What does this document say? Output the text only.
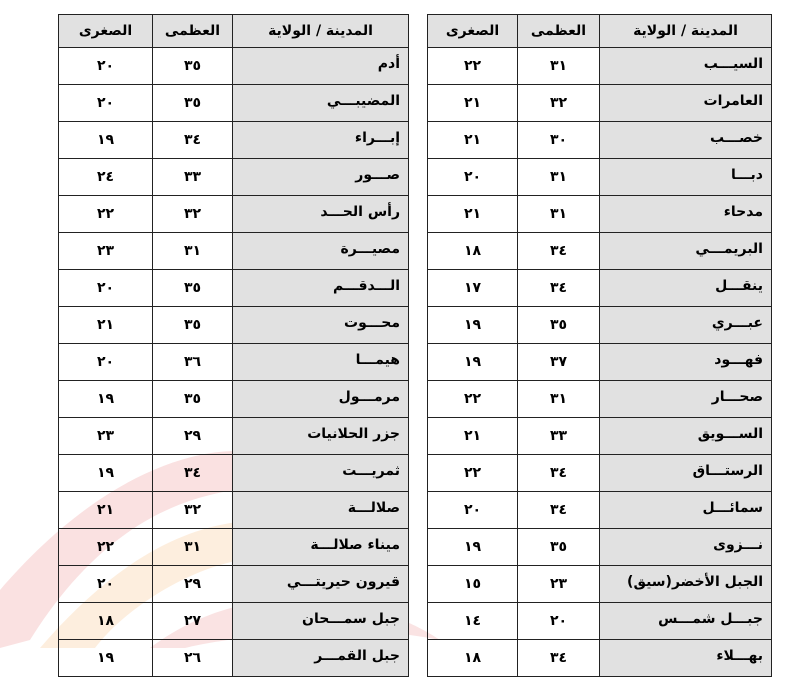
المدينة / الولاية	العظمى	الصغرى
أدم	٣٥	٢٠
المضيبـــي	٣٥	٢٠
إبـــراء	٣٤	١٩
صـــور	٣٣	٢٤
رأس الحـــد	٣٢	٢٢
مصيـــرة	٣١	٢٣
الـــدقـــم	٣٥	٢٠
محـــوت	٣٥	٢١
هيمـــا	٣٦	٢٠
مرمـــول	٣٥	١٩
جزر الحلانيات	٢٩	٢٣
ثمريـــت	٣٤	١٩
صلالـــة	٣٢	٢١
ميناء صلالـــة	٣١	٢٢
قيرون حيريتـــي	٢٩	٢٠
جبل سمـــحان	٢٧	١٨
جبل القمـــر	٢٦	١٩
المدينة / الولاية	العظمى	الصغرى
السيـــب	٣١	٢٢
العامرات	٣٢	٢١
خصـــب	٣٠	٢١
دبـــا	٣١	٢٠
مدحاء	٣١	٢١
البريمـــي	٣٤	١٨
ينقـــل	٣٤	١٧
عبـــري	٣٥	١٩
فهـــود	٣٧	١٩
صحـــار	٣١	٢٢
الســـويق	٣٣	٢١
الرستـــاق	٣٤	٢٢
سمائـــل	٣٤	٢٠
نـــزوى	٣٥	١٩
الجبل الأخضر(سيق)	٢٣	١٥
جبـــل شمـــس	٢٠	١٤
بهـــلاء	٣٤	١٨
